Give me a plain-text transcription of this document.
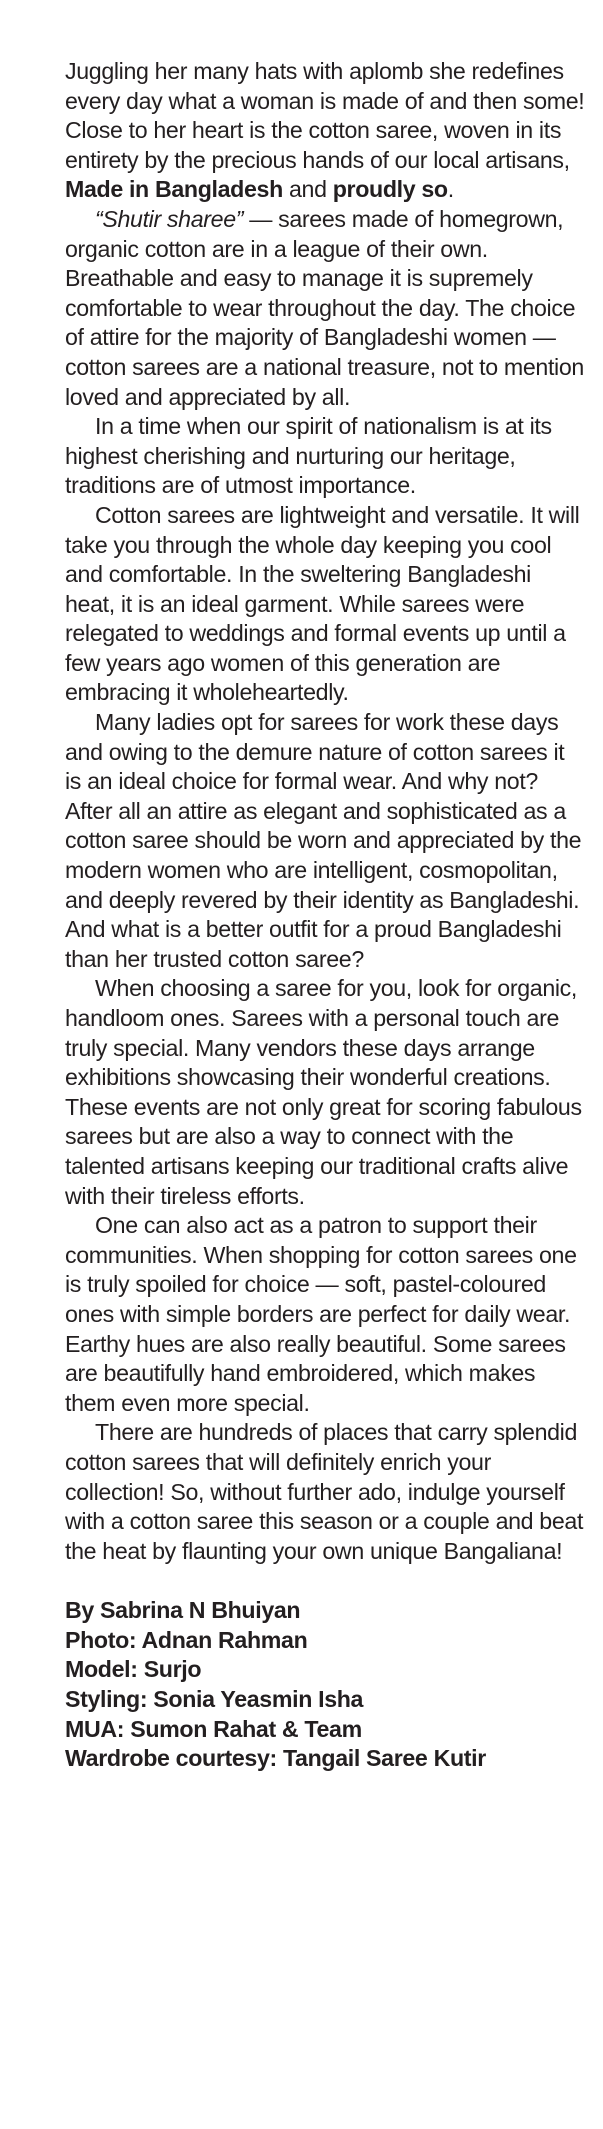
Juggling her many hats with aplomb she redefines every day what a woman is made of and then some! Close to her heart is the cotton saree, woven in its entirety by the precious hands of our local artisans, Made in Bangladesh and proudly so.

“Shutir sharee” — sarees made of homegrown, organic cotton are in a league of their own. Breathable and easy to manage it is supremely comfortable to wear throughout the day. The choice of attire for the majority of Bangladeshi women — cotton sarees are a national treasure, not to mention loved and appreciated by all.

In a time when our spirit of nationalism is at its highest cherishing and nurturing our heritage, traditions are of utmost importance.

Cotton sarees are lightweight and versatile. It will take you through the whole day keeping you cool and comfortable. In the sweltering Bangladeshi heat, it is an ideal garment. While sarees were relegated to weddings and formal events up until a few years ago women of this generation are embracing it wholeheartedly.

Many ladies opt for sarees for work these days and owing to the demure nature of cotton sarees it is an ideal choice for formal wear. And why not? After all an attire as elegant and sophisticated as a cotton saree should be worn and appreciated by the modern women who are intelligent, cosmopolitan, and deeply revered by their identity as Bangladeshi. And what is a better outfit for a proud Bangladeshi than her trusted cotton saree?

When choosing a saree for you, look for organic, handloom ones. Sarees with a personal touch are truly special. Many vendors these days arrange exhibitions showcasing their wonderful creations. These events are not only great for scoring fabulous sarees but are also a way to connect with the talented artisans keeping our traditional crafts alive with their tireless efforts.

One can also act as a patron to support their communities. When shopping for cotton sarees one is truly spoiled for choice — soft, pastel-coloured ones with simple borders are perfect for daily wear. Earthy hues are also really beautiful. Some sarees are beautifully hand embroidered, which makes them even more special.

There are hundreds of places that carry splendid cotton sarees that will definitely enrich your collection! So, without further ado, indulge yourself with a cotton saree this season or a couple and beat the heat by flaunting your own unique Bangaliana!

By Sabrina N Bhuiyan
Photo: Adnan Rahman
Model: Surjo
Styling: Sonia Yeasmin Isha
MUA: Sumon Rahat & Team
Wardrobe courtesy: Tangail Saree Kutir
